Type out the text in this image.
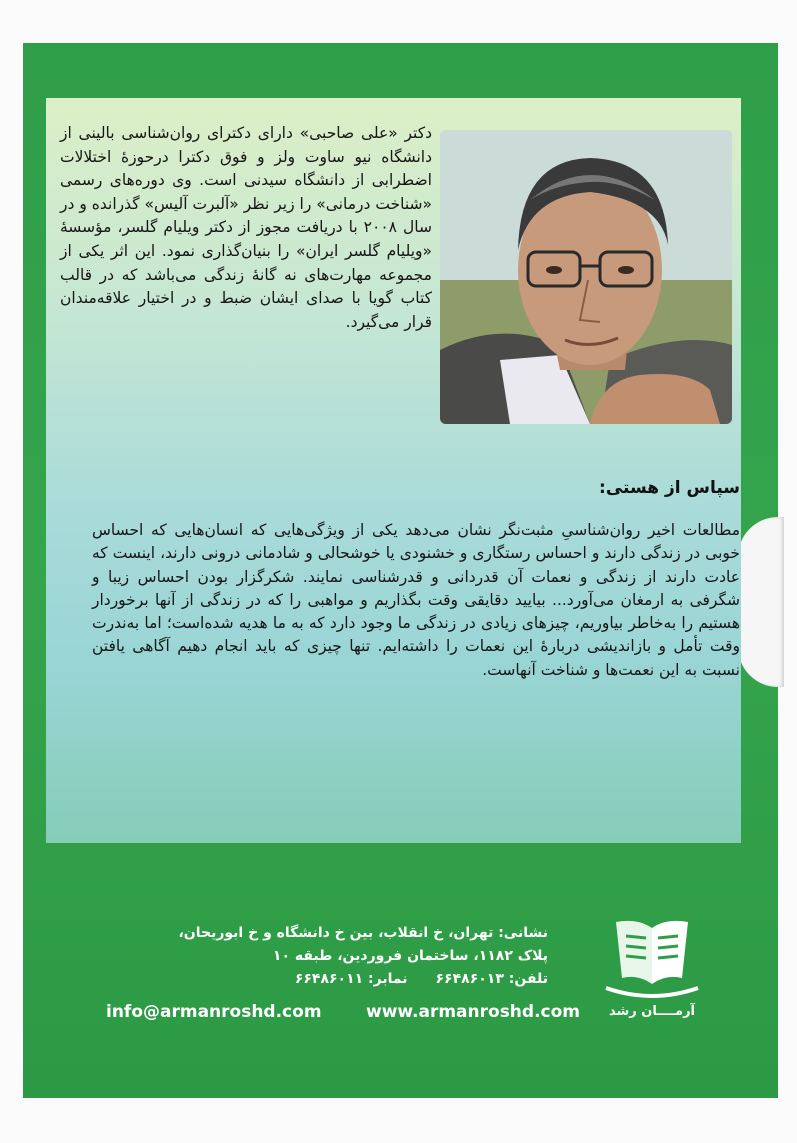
دکتر «علی صاحبی» دارای دکترای روان‌شناسی بالینی از دانشگاه نیو ساوت ولز و فوق دکترا درحوزهٔ اختلالات اضطرابی از دانشگاه سیدنی است. وی دوره‌های رسمی «شناخت درمانی» را زیر نظر «آلبرت آلیس» گذرانده و در سال ۲۰۰۸ با دریافت مجوز از دکتر ویلیام گلسر، مؤسسهٔ «ویلیام گلسر ایران» را بنیان‌گذاری نمود. این اثر یکی از مجموعه مهارت‌های نه گانهٔ زندگی می‌باشد که در قالب کتاب گویا با صدای ایشان ضبط و در اختیار علاقه‌مندان قرار می‌گیرد.
سپاس از هستی:
مطالعات اخیر روان‌شناسیِ مثبت‌نگر نشان می‌دهد یکی از ویژگی‌هایی که انسان‌هایی که احساس خوبی در زندگی دارند و احساس رستگاری و خشنودی یا خوشحالی و شادمانی درونی دارند، اینست که عادت دارند از زندگی و نعمات آن قدردانی و قدرشناسی نمایند. شکرگزار بودن احساس زیبا و شگرفی به ارمغان می‌آورد... بیایید دقایقی وقت بگذاریم و مواهبی را که در زندگی از آنها برخوردار هستیم را به‌خاطر بیاوریم، چیزهای زیادی در زندگی ما وجود دارد که به ما هدیه شده‌است؛ اما به‌ندرت وقت تأمل و بازاندیشی دربارهٔ این نعمات را داشته‌ایم. تنها چیزی که باید انجام دهیم آگاهی یافتن نسبت به این نعمت‌ها و شناخت آنهاست.
نشانی: تهران، خ انقلاب، بین خ دانشگاه و خ ابوریحان،
پلاک ۱۱۸۲، ساختمان فروردین، طبقه ۱۰
تلفن: ۶۶۴۸۶۰۱۳
نمابر: ۶۶۴۸۶۰۱۱
www.armanroshd.com
info@armanroshd.com	آرمــــان رشد
